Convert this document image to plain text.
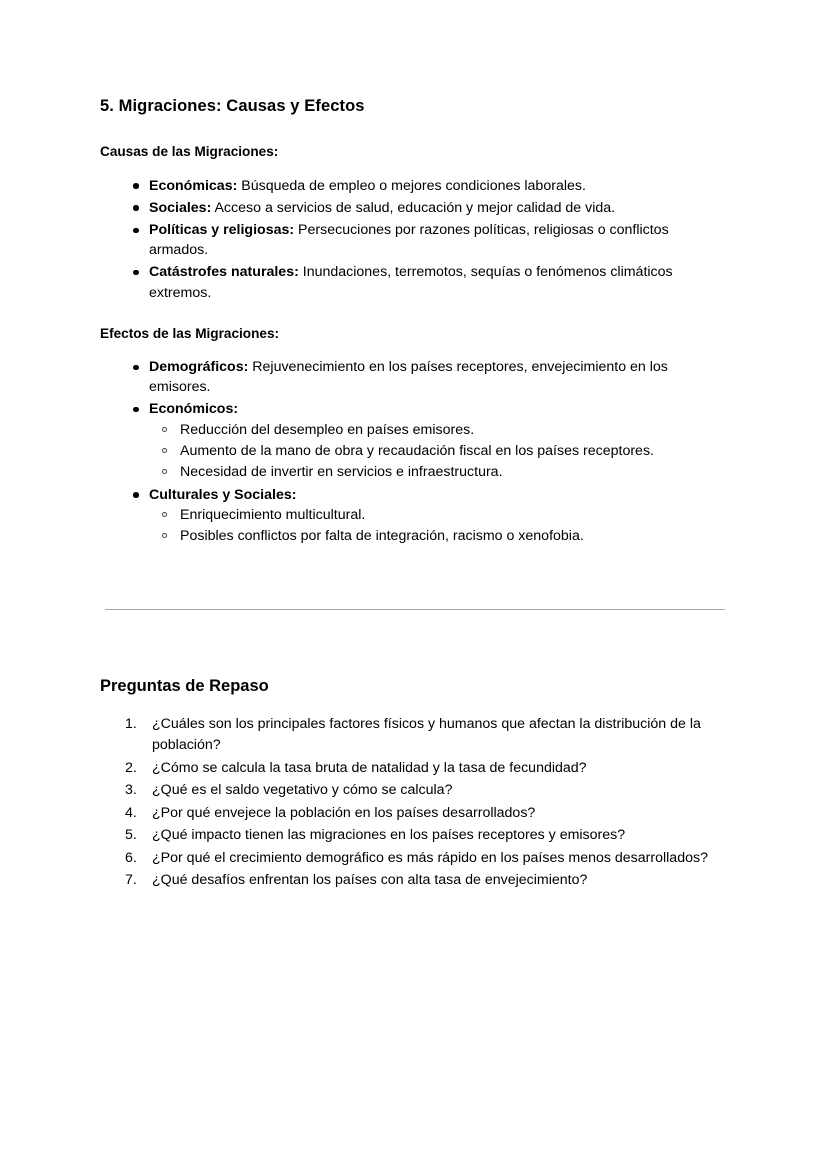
5. Migraciones: Causas y Efectos
Causas de las Migraciones:
Económicas: Búsqueda de empleo o mejores condiciones laborales.
Sociales: Acceso a servicios de salud, educación y mejor calidad de vida.
Políticas y religiosas: Persecuciones por razones políticas, religiosas o conflictos armados.
Catástrofes naturales: Inundaciones, terremotos, sequías o fenómenos climáticos extremos.
Efectos de las Migraciones:
Demográficos: Rejuvenecimiento en los países receptores, envejecimiento en los emisores.
Económicos:
Reducción del desempleo en países emisores.
Aumento de la mano de obra y recaudación fiscal en los países receptores.
Necesidad de invertir en servicios e infraestructura.
Culturales y Sociales:
Enriquecimiento multicultural.
Posibles conflictos por falta de integración, racismo o xenofobia.
Preguntas de Repaso
¿Cuáles son los principales factores físicos y humanos que afectan la distribución de la población?
¿Cómo se calcula la tasa bruta de natalidad y la tasa de fecundidad?
¿Qué es el saldo vegetativo y cómo se calcula?
¿Por qué envejece la población en los países desarrollados?
¿Qué impacto tienen las migraciones en los países receptores y emisores?
¿Por qué el crecimiento demográfico es más rápido en los países menos desarrollados?
¿Qué desafíos enfrentan los países con alta tasa de envejecimiento?
